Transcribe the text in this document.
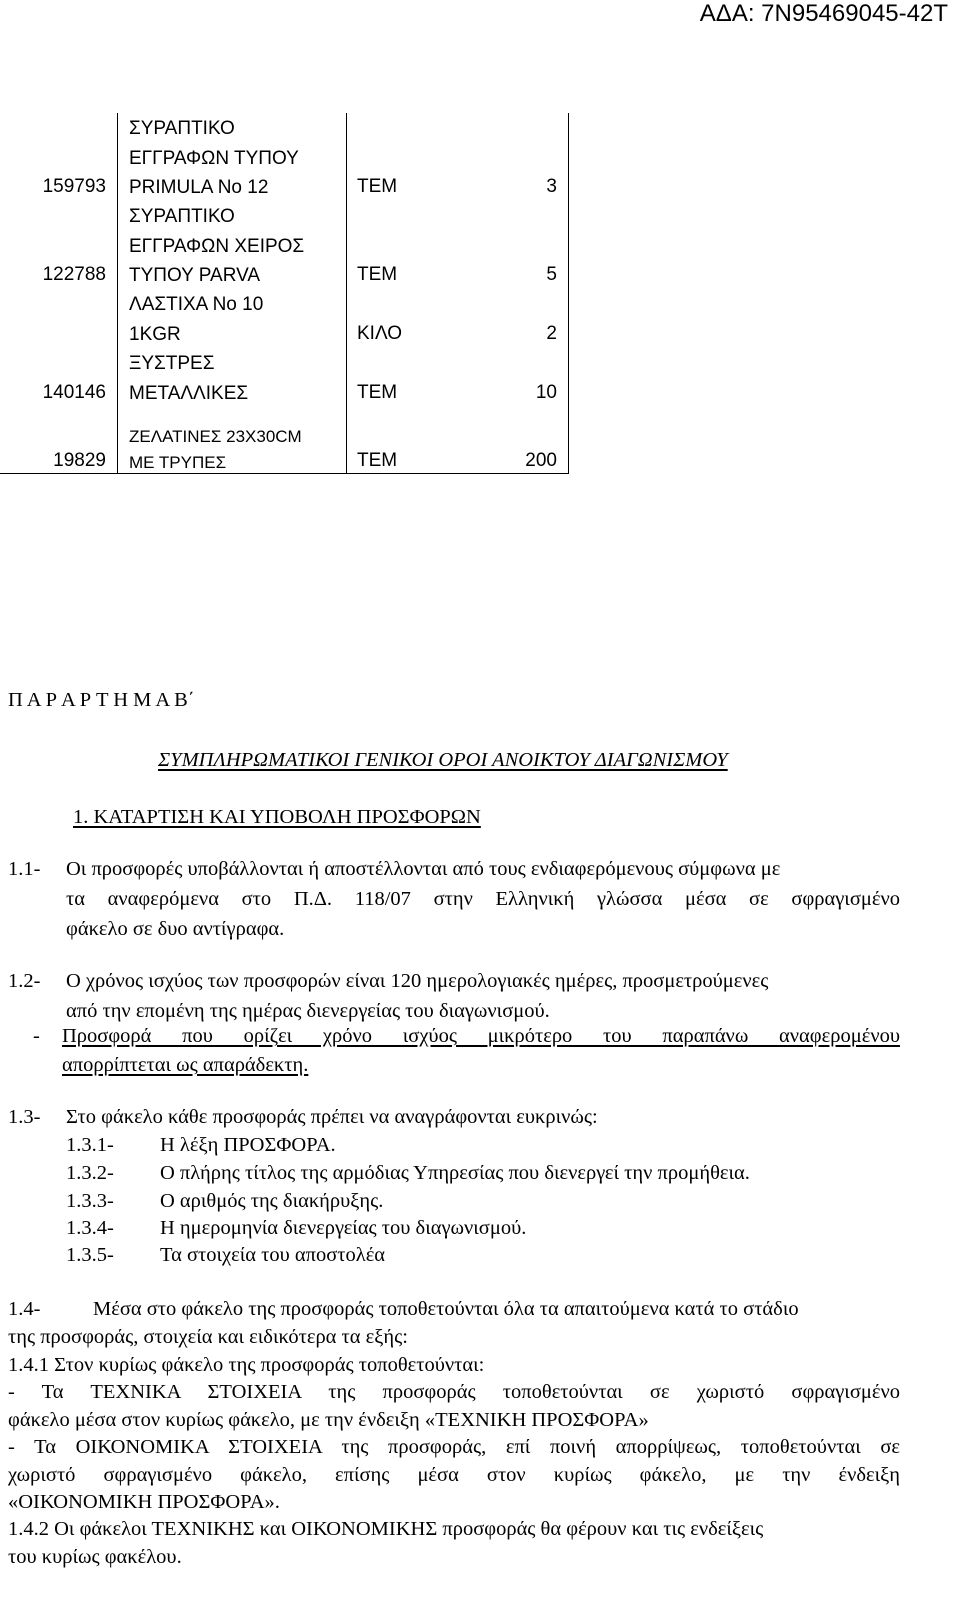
ΑΔΑ: 7Ν95469045-42Τ
159793
ΣΥΡΑΠΤΙΚΟ
ΕΓΓΡΑΦΩΝ ΤΥΠΟΥ
PRIMULA No 12	ΤΕΜ	3
122788
ΣΥΡΑΠΤΙΚΟ
ΕΓΓΡΑΦΩΝ ΧΕΙΡΟΣ
ΤΥΠΟΥ PARVA	ΤΕΜ	5
ΛΑΣΤΙΧΑ No 10
1KGR	ΚΙΛΟ	2
140146
ΞΥΣΤΡΕΣ
ΜΕΤΑΛΛΙΚΕΣ	ΤΕΜ	10
19829
ΖΕΛΑΤΙΝΕΣ 23Χ30CM
ΜΕ ΤΡΥΠΕΣ	ΤΕΜ	200
Π Α Ρ Α Ρ Τ Η Μ Α Β΄
ΣΥΜΠΛΗΡΩΜΑΤΙΚΟΙ ΓΕΝΙΚΟΙ ΟΡΟΙ ΑΝΟΙΚΤΟΥ ΔΙΑΓΩΝΙΣΜΟΥ
1. ΚΑΤΑΡΤΙΣΗ ΚΑΙ ΥΠΟΒΟΛΗ ΠΡΟΣΦΟΡΩΝ
1.1- Οι προσφορές υποβάλλονται ή αποστέλλονται από τους ενδιαφερόμενους σύμφωνα με
τα αναφερόμενα στο Π.Δ. 118/07 στην Ελληνική γλώσσα μέσα σε σφραγισμένο
φάκελο σε δυο αντίγραφα.
1.2- Ο χρόνος ισχύος των προσφορών είναι 120 ημερολογιακές ημέρες, προσμετρούμενες
από την επομένη της ημέρας διενεργείας του διαγωνισμού.
- Προσφορά που ορίζει χρόνο ισχύος μικρότερο του παραπάνω αναφερομένου
απορρίπτεται ως απαράδεκτη.
1.3- Στο φάκελο κάθε προσφοράς πρέπει να αναγράφονται ευκρινώς:
1.3.1- Η λέξη ΠΡΟΣΦΟΡΑ.
1.3.2- Ο πλήρης τίτλος της αρμόδιας Υπηρεσίας που διενεργεί την προμήθεια.
1.3.3- Ο αριθμός της διακήρυξης.
1.3.4- Η ημερομηνία διενεργείας του διαγωνισμού.
1.3.5- Τα στοιχεία του αποστολέα
1.4-	Μέσα στο φάκελο της προσφοράς τοποθετούνται όλα τα απαιτούμενα κατά το στάδιο
της προσφοράς, στοιχεία και ειδικότερα τα εξής:
1.4.1 Στον κυρίως φάκελο της προσφοράς τοποθετούνται:
- Τα ΤΕΧΝΙΚΑ ΣΤΟΙΧΕΙΑ της προσφοράς τοποθετούνται σε χωριστό σφραγισμένο
φάκελο μέσα στον κυρίως φάκελο, με την ένδειξη «ΤΕΧΝΙΚΗ ΠΡΟΣΦΟΡΑ»
- Τα ΟΙΚΟΝΟΜΙΚΑ ΣΤΟΙΧΕΙΑ της προσφοράς, επί ποινή απορρίψεως, τοποθετούνται σε
χωριστό σφραγισμένο φάκελο, επίσης μέσα στον κυρίως φάκελο, με την ένδειξη
«ΟΙΚΟΝΟΜΙΚΗ ΠΡΟΣΦΟΡΑ».
1.4.2 Οι φάκελοι ΤΕΧΝΙΚΗΣ και ΟΙΚΟΝΟΜΙΚΗΣ προσφοράς θα φέρουν και τις ενδείξεις
του κυρίως φακέλου.
